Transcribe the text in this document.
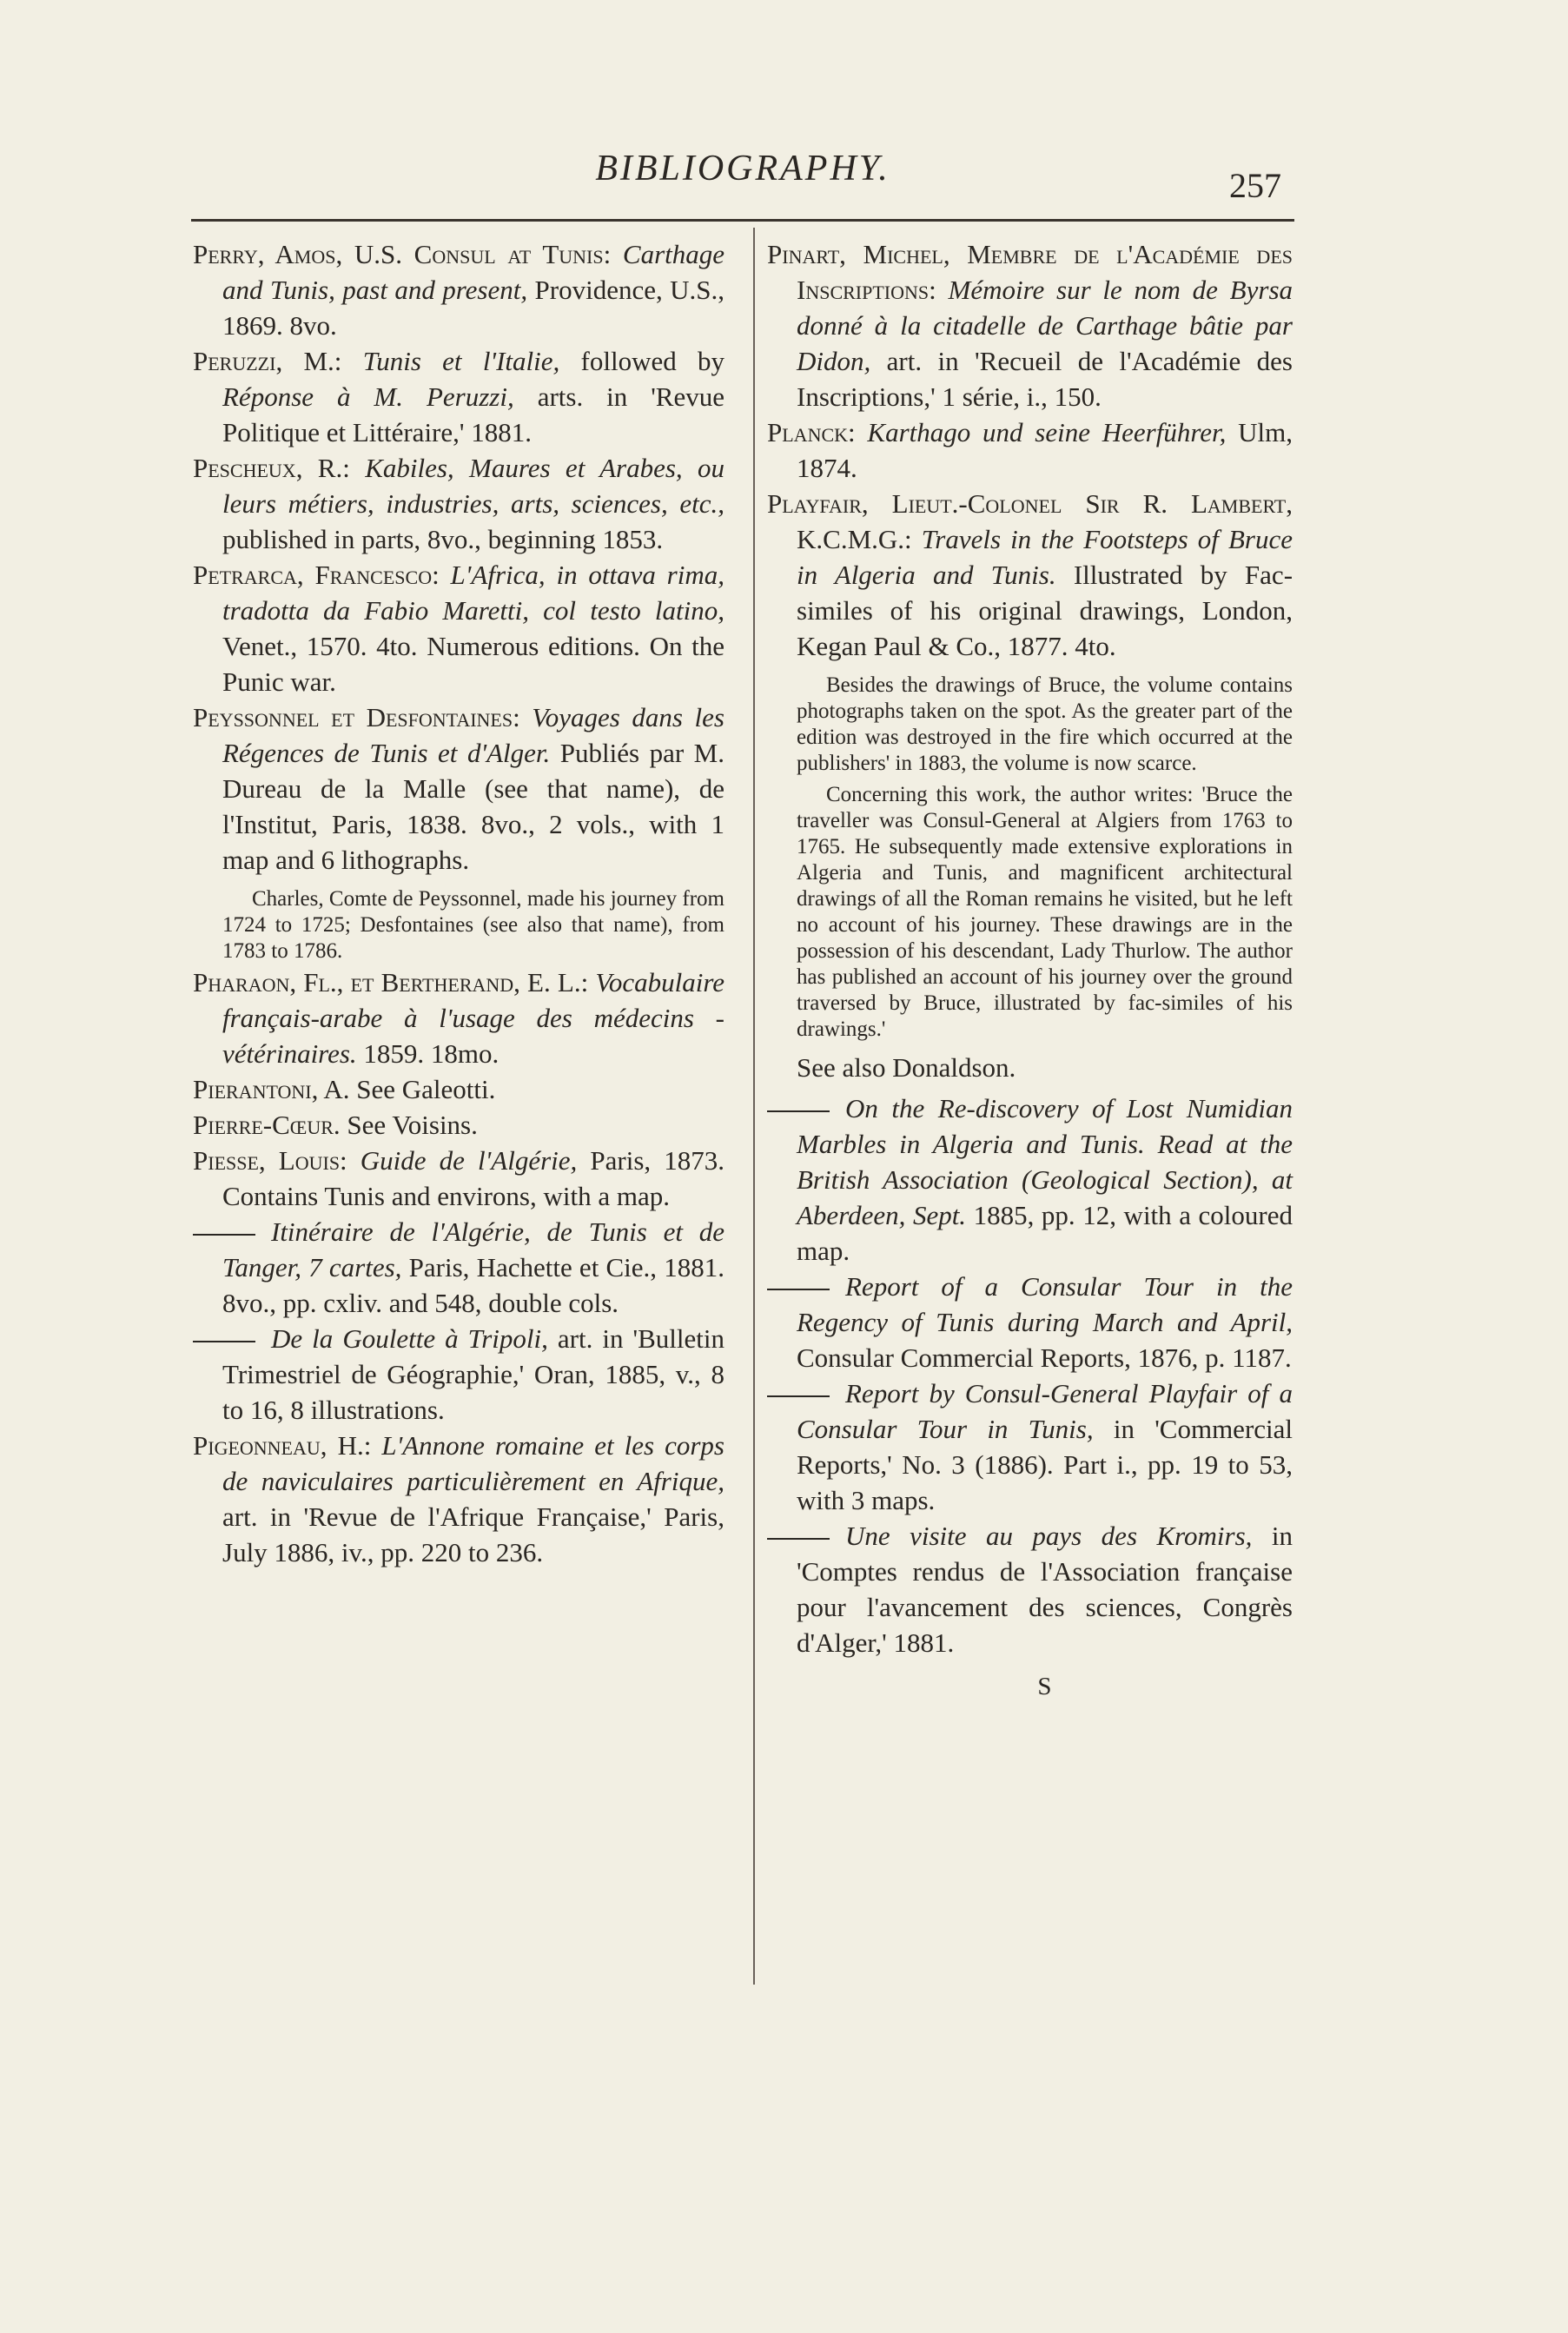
BIBLIOGRAPHY.	257

Perry, Amos, U.S. Consul at Tunis: Carthage and Tunis, past and present, Providence, U.S., 1869. 8vo.

Peruzzi, M.: Tunis et l'Italie, followed by Réponse à M. Peruzzi, arts. in 'Revue Politique et Littéraire,' 1881.

Pescheux, R.: Kabiles, Maures et Arabes, ou leurs métiers, industries, arts, sciences, etc., published in parts, 8vo., beginning 1853.

Petrarca, Francesco: L'Africa, in ottava rima, tradotta da Fabio Maretti, col testo latino, Venet., 1570. 4to. Numerous editions. On the Punic war.

Peyssonnel et Desfontaines: Voyages dans les Régences de Tunis et d'Alger. Publiés par M. Dureau de la Malle (see that name), de l'Institut, Paris, 1838. 8vo., 2 vols., with 1 map and 6 lithographs.

Charles, Comte de Peyssonnel, made his journey from 1724 to 1725; Desfontaines (see also that name), from 1783 to 1786.

Pharaon, Fl., et Bertherand, E. L.: Vocabulaire français-arabe à l'usage des médecins - vétérinaires. 1859. 18mo.

Pierantoni, A. See Galeotti.

Pierre-Cœur. See Voisins.

Piesse, Louis: Guide de l'Algérie, Paris, 1873. Contains Tunis and environs, with a map.

Itinéraire de l'Algérie, de Tunis et de Tanger, 7 cartes, Paris, Hachette et Cie., 1881. 8vo., pp. cxliv. and 548, double cols.

De la Goulette à Tripoli, art. in 'Bulletin Trimestriel de Géographie,' Oran, 1885, v., 8 to 16, 8 illustrations.

Pigeonneau, H.: L'Annone romaine et les corps de naviculaires particulièrement en Afrique, art. in 'Revue de l'Afrique Française,' Paris, July 1886, iv., pp. 220 to 236.

Pinart, Michel, Membre de l'Académie des Inscriptions: Mémoire sur le nom de Byrsa donné à la citadelle de Carthage bâtie par Didon, art. in 'Recueil de l'Académie des Inscriptions,' 1 série, i., 150.

Planck: Karthago und seine Heerführer, Ulm, 1874.

Playfair, Lieut.-Colonel Sir R. Lambert, K.C.M.G.: Travels in the Footsteps of Bruce in Algeria and Tunis. Illustrated by Fac-similes of his original drawings, London, Kegan Paul & Co., 1877. 4to.

Besides the drawings of Bruce, the volume contains photographs taken on the spot. As the greater part of the edition was destroyed in the fire which occurred at the publishers' in 1883, the volume is now scarce.

Concerning this work, the author writes: 'Bruce the traveller was Consul-General at Algiers from 1763 to 1765. He subsequently made extensive explorations in Algeria and Tunis, and magnificent architectural drawings of all the Roman remains he visited, but he left no account of his journey. These drawings are in the possession of his descendant, Lady Thurlow. The author has published an account of his journey over the ground traversed by Bruce, illustrated by fac-similes of his drawings.'

See also Donaldson.

On the Re-discovery of Lost Numidian Marbles in Algeria and Tunis. Read at the British Association (Geological Section), at Aberdeen, Sept. 1885, pp. 12, with a coloured map.

Report of a Consular Tour in the Regency of Tunis during March and April, Consular Commercial Reports, 1876, p. 1187.

Report by Consul-General Playfair of a Consular Tour in Tunis, in 'Commercial Reports,' No. 3 (1886). Part i., pp. 19 to 53, with 3 maps.

Une visite au pays des Kromirs, in 'Comptes rendus de l'Association française pour l'avancement des sciences, Congrès d'Alger,' 1881.

S
